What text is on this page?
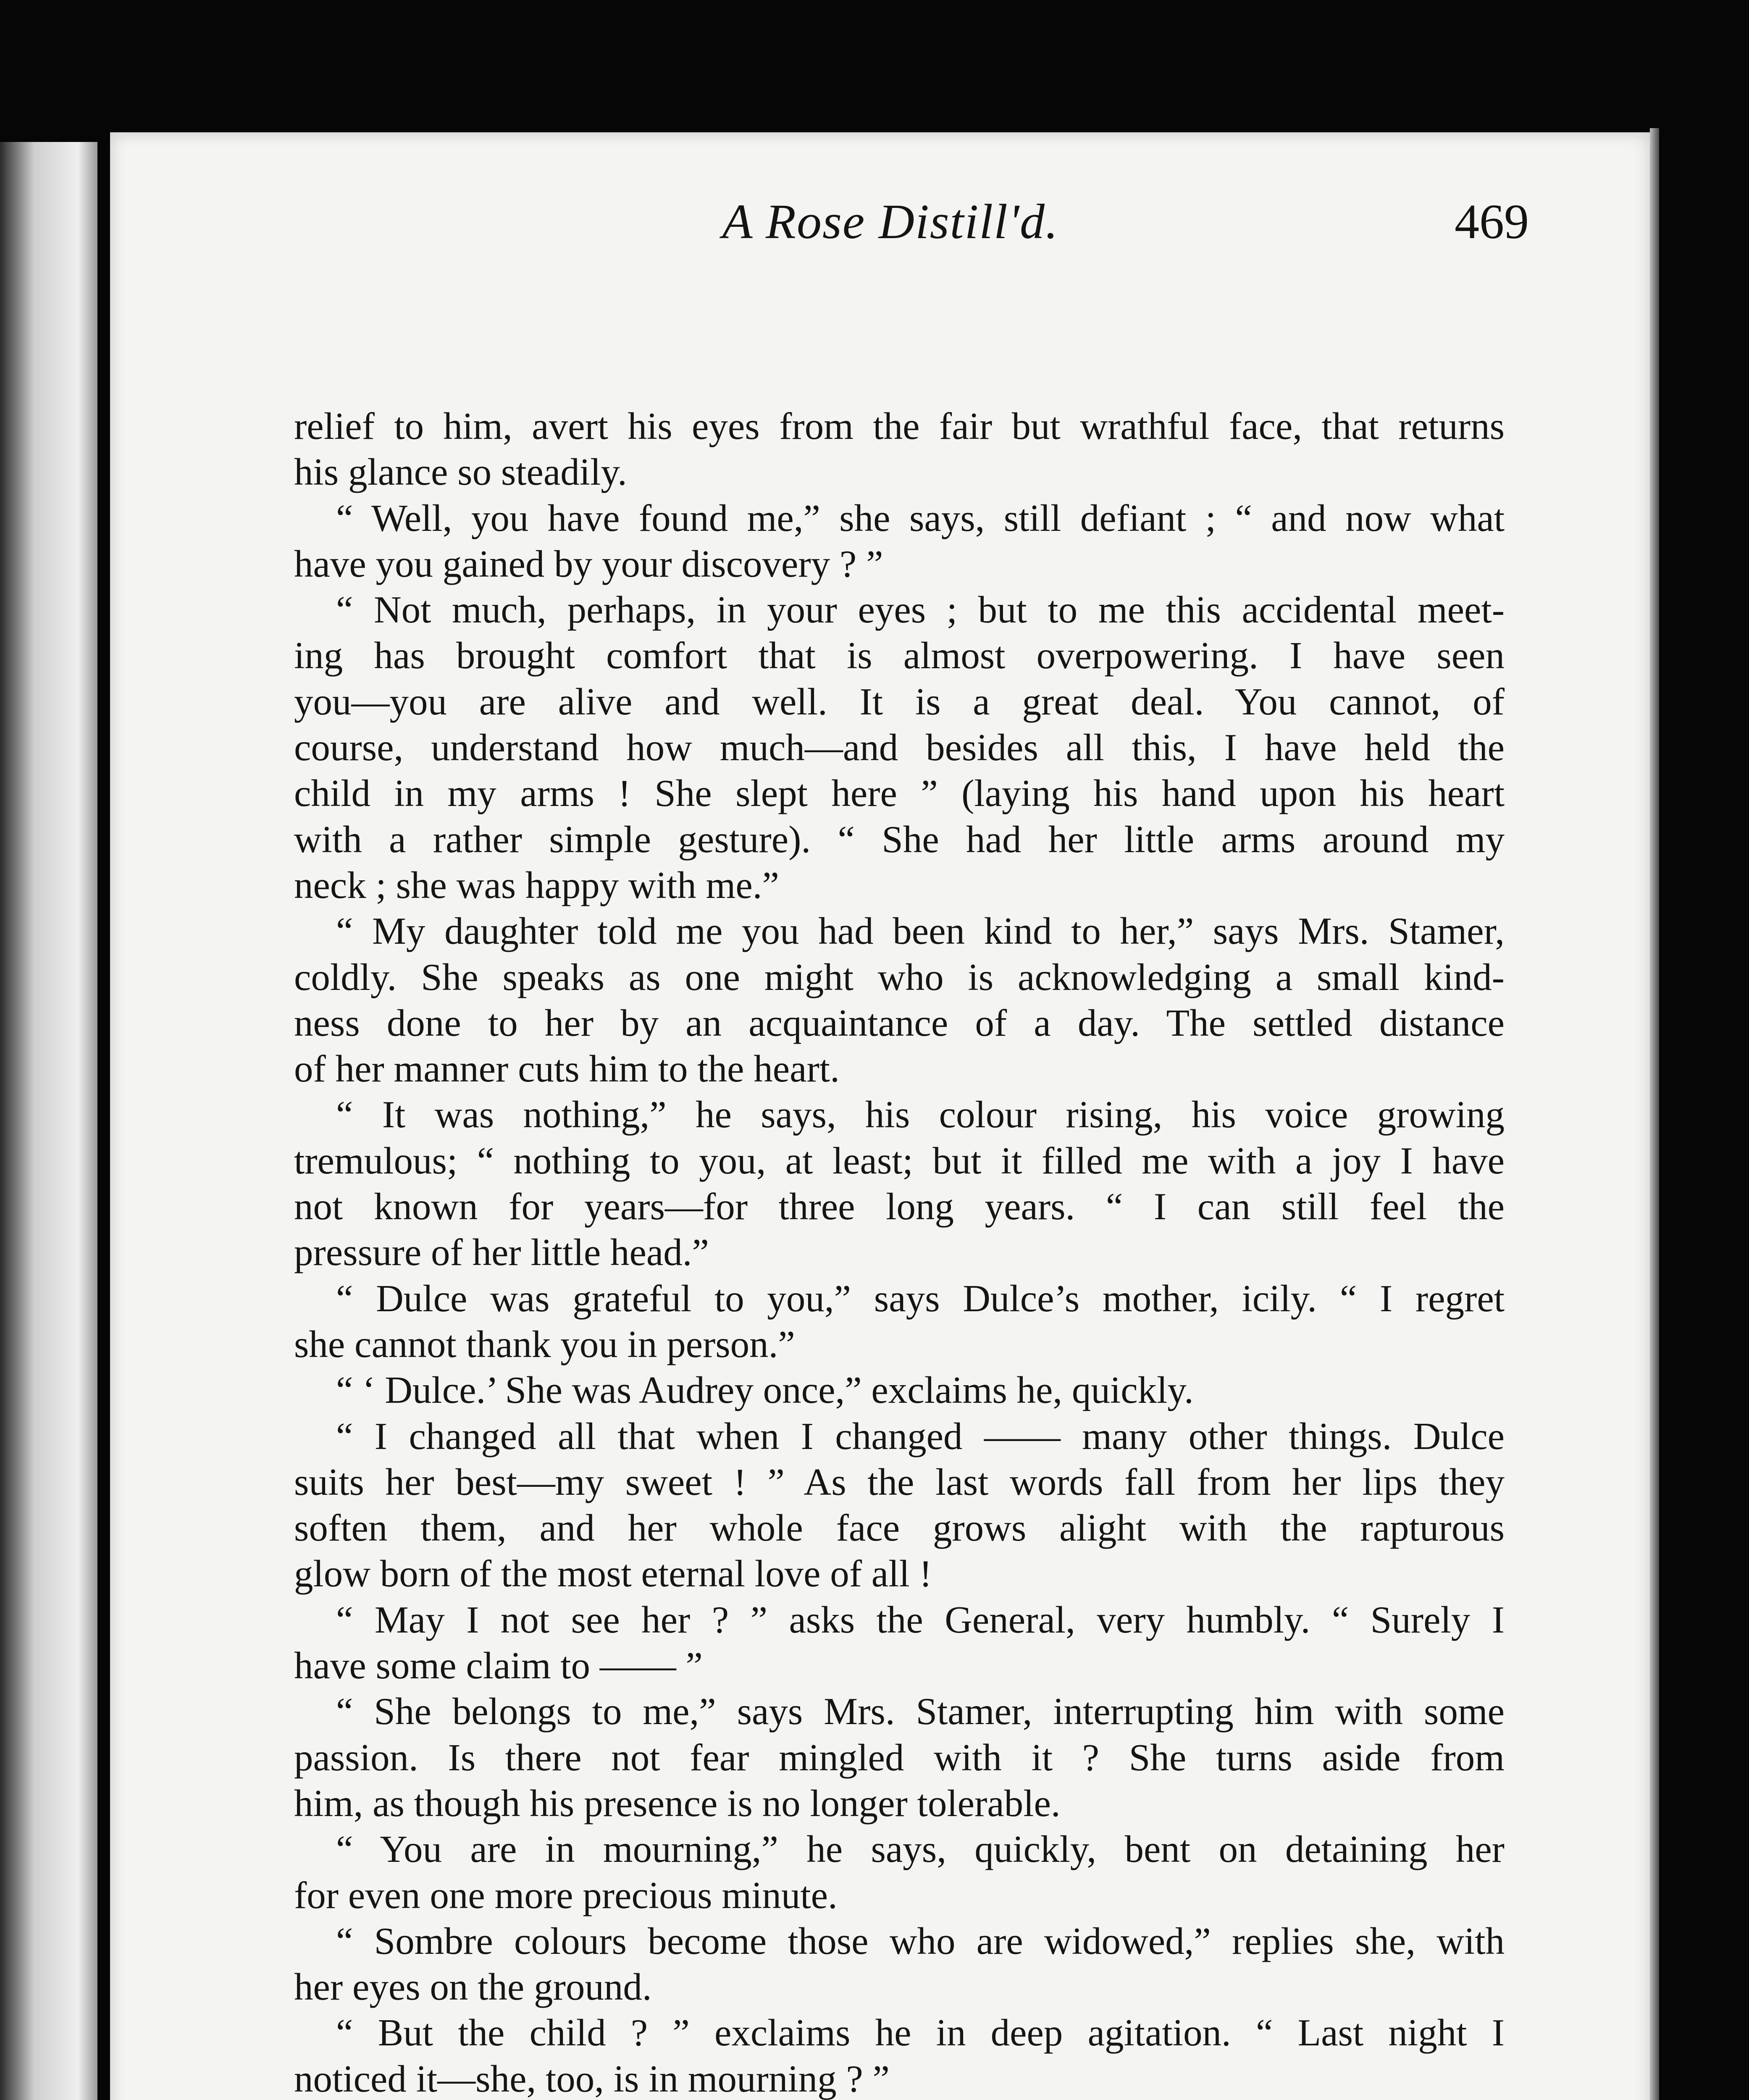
A Rose Distill'd.	469
relief to him, avert his eyes from the fair but wrathful face, that returns
his glance so steadily.
“ Well, you have found me,” she says, still defiant ; “ and now what
have you gained by your discovery ? ”
“ Not much, perhaps, in your eyes ; but to me this accidental meet-
ing has brought comfort that is almost overpowering. I have seen
you—you are alive and well. It is a great deal. You cannot, of
course, understand how much—and besides all this, I have held the
child in my arms ! She slept here ” (laying his hand upon his heart
with a rather simple gesture). “ She had her little arms around my
neck ; she was happy with me.”
“ My daughter told me you had been kind to her,” says Mrs. Stamer,
coldly. She speaks as one might who is acknowledging a small kind-
ness done to her by an acquaintance of a day. The settled distance
of her manner cuts him to the heart.
“ It was nothing,” he says, his colour rising, his voice growing
tremulous; “ nothing to you, at least; but it filled me with a joy I have
not known for years—for three long years. “ I can still feel the
pressure of her little head.”
“ Dulce was grateful to you,” says Dulce’s mother, icily. “ I regret
she cannot thank you in person.”
“ ‘ Dulce.’ She was Audrey once,” exclaims he, quickly.
“ I changed all that when I changed —— many other things. Dulce
suits her best—my sweet ! ” As the last words fall from her lips they
soften them, and her whole face grows alight with the rapturous
glow born of the most eternal love of all !
“ May I not see her ? ” asks the General, very humbly. “ Surely I
have some claim to —— ”
“ She belongs to me,” says Mrs. Stamer, interrupting him with some
passion. Is there not fear mingled with it ? She turns aside from
him, as though his presence is no longer tolerable.
“ You are in mourning,” he says, quickly, bent on detaining her
for even one more precious minute.
“ Sombre colours become those who are widowed,” replies she, with
her eyes on the ground.
“ But the child ? ” exclaims he in deep agitation. “ Last night I
noticed it—she, too, is in mourning ? ”
